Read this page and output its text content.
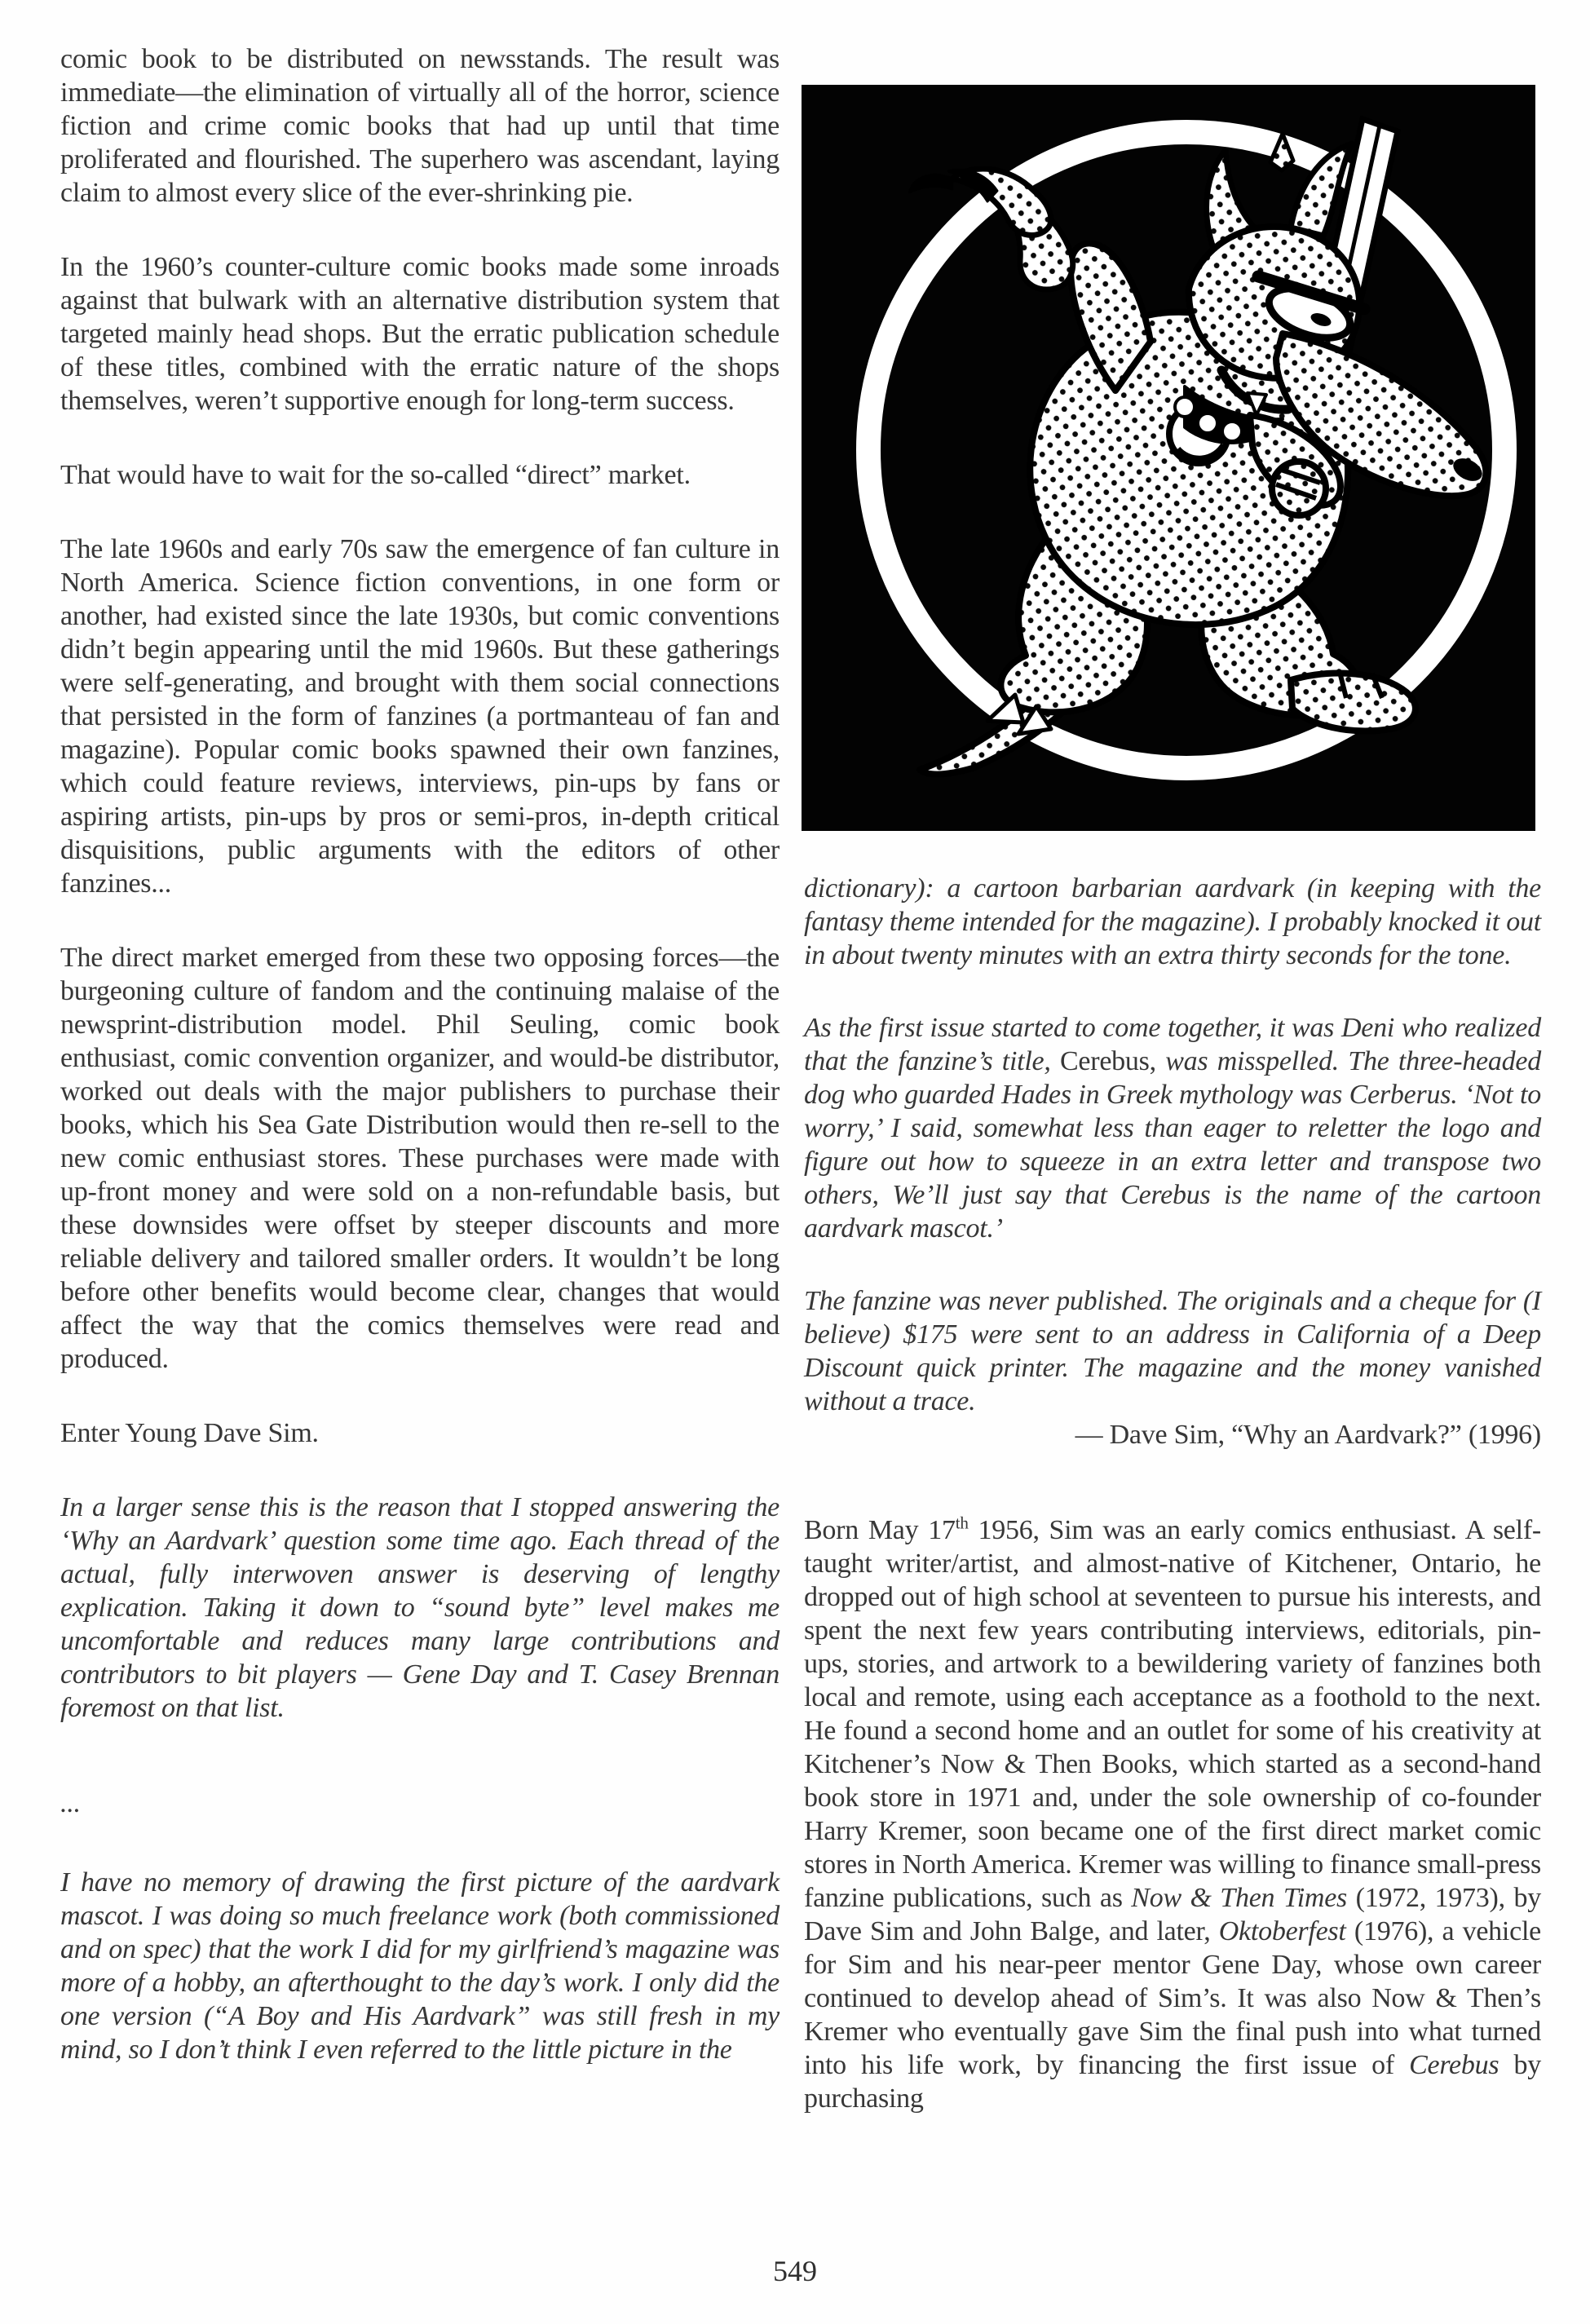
comic book to be distributed on newsstands. The result was immediate—the elimination of virtually all of the horror, science fiction and crime comic books that had up until that time proliferated and flourished. The superhero was ascendant, laying claim to almost every slice of the ever-shrinking pie.

In the 1960’s counter-culture comic books made some inroads against that bulwark with an alternative distribution system that targeted mainly head shops. But the erratic publication schedule of these titles, combined with the erratic nature of the shops themselves, weren’t supportive enough for long-term success.

That would have to wait for the so-called “direct” market.

The late 1960s and early 70s saw the emergence of fan culture in North America. Science fiction conventions, in one form or another, had existed since the late 1930s, but comic conventions didn’t begin appearing until the mid 1960s. But these gatherings were self-generating, and brought with them social connections that persisted in the form of fanzines (a portmanteau of fan and magazine). Popular comic books spawned their own fanzines, which could feature reviews, interviews, pin-ups by fans or aspiring artists, pin-ups by pros or semi-pros, in-depth critical disquisitions, public arguments with the editors of other fanzines...

The direct market emerged from these two opposing forces—the burgeoning culture of fandom and the continuing malaise of the newsprint-distribution model. Phil Seuling, comic book enthusiast, comic convention organizer, and would-be distributor, worked out deals with the major publishers to purchase their books, which his Sea Gate Distribution would then re-sell to the new comic enthusiast stores. These purchases were made with up-front money and were sold on a non-refundable basis, but these downsides were offset by steeper discounts and more reliable delivery and tailored smaller orders. It wouldn’t be long before other benefits would become clear, changes that would affect the way that the comics themselves were read and produced.

Enter Young Dave Sim.

In a larger sense this is the reason that I stopped answering the ‘Why an Aardvark’ question some time ago. Each thread of the actual, fully interwoven answer is deserving of lengthy explication. Taking it down to “sound byte” level makes me uncomfortable and reduces many large contributions and contributors to bit players — Gene Day and T. Casey Brennan foremost on that list.

...

I have no memory of drawing the first picture of the aardvark mascot. I was doing so much freelance work (both commissioned and on spec) that the work I did for my girlfriend’s magazine was more of a hobby, an afterthought to the day’s work. I only did the one version (“A Boy and His Aardvark” was still fresh in my mind, so I don’t think I even referred to the little picture in the

dictionary): a cartoon barbarian aardvark (in keeping with the fantasy theme intended for the magazine). I probably knocked it out in about twenty minutes with an extra thirty seconds for the tone.

As the first issue started to come together, it was Deni who realized that the fanzine’s title, Cerebus, was misspelled. The three-headed dog who guarded Hades in Greek mythology was Cerberus. ‘Not to worry,’ I said, somewhat less than eager to reletter the logo and figure out how to squeeze in an extra letter and transpose two others, We’ll just say that Cerebus is the name of the cartoon aardvark mascot.’

The fanzine was never published. The originals and a cheque for (I believe) $175 were sent to an address in California of a Deep Discount quick printer. The magazine and the money vanished without a trace.

— Dave Sim, “Why an Aardvark?” (1996)

Born May 17th 1956, Sim was an early comics enthusiast. A self-taught writer/artist, and almost-native of Kitchener, Ontario, he dropped out of high school at seventeen to pursue his interests, and spent the next few years contributing interviews, editorials, pin-ups, stories, and artwork to a bewildering variety of fanzines both local and remote, using each acceptance as a foothold to the next. He found a second home and an outlet for some of his creativity at Kitchener’s Now & Then Books, which started as a second-hand book store in 1971 and, under the sole ownership of co-founder Harry Kremer, soon became one of the first direct market comic stores in North America. Kremer was willing to finance small-press fanzine publications, such as Now & Then Times (1972, 1973), by Dave Sim and John Balge, and later, Oktoberfest (1976), a vehicle for Sim and his near-peer mentor Gene Day, whose own career continued to develop ahead of Sim’s. It was also Now & Then’s Kremer who eventually gave Sim the final push into what turned into his life work, by financing the first issue of Cerebus by purchasing

549
